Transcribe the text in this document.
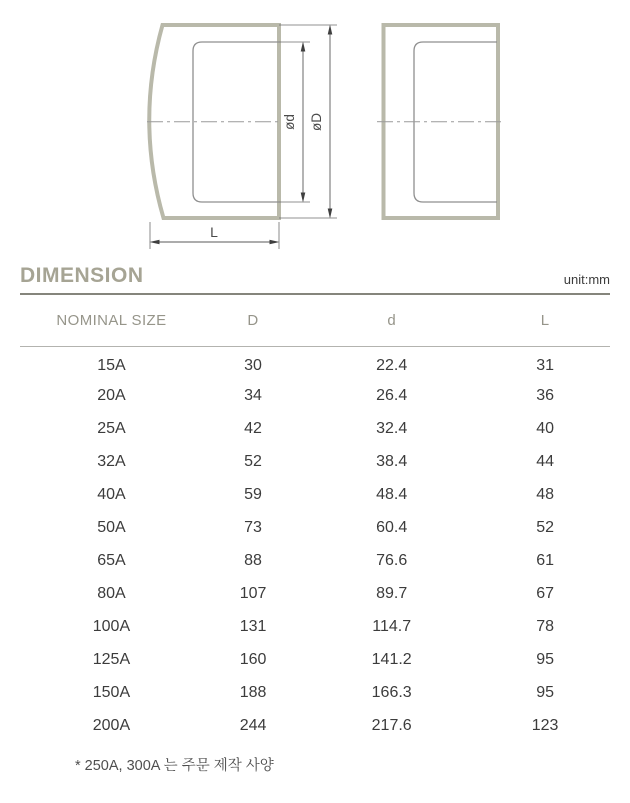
ød øD
L
DIMENSION	unit:mm
NOMINAL SIZE	D	d	L
15A	30	22.4	31
20A	34	26.4	36
25A	42	32.4	40
32A	52	38.4	44
40A	59	48.4	48
50A	73	60.4	52
65A	88	76.6	61
80A	107	89.7	67
100A	131	114.7	78
125A	160	141.2	95
150A	188	166.3	95
200A	244	217.6	123

* 250A, 300A 는 주문 제작 사양
